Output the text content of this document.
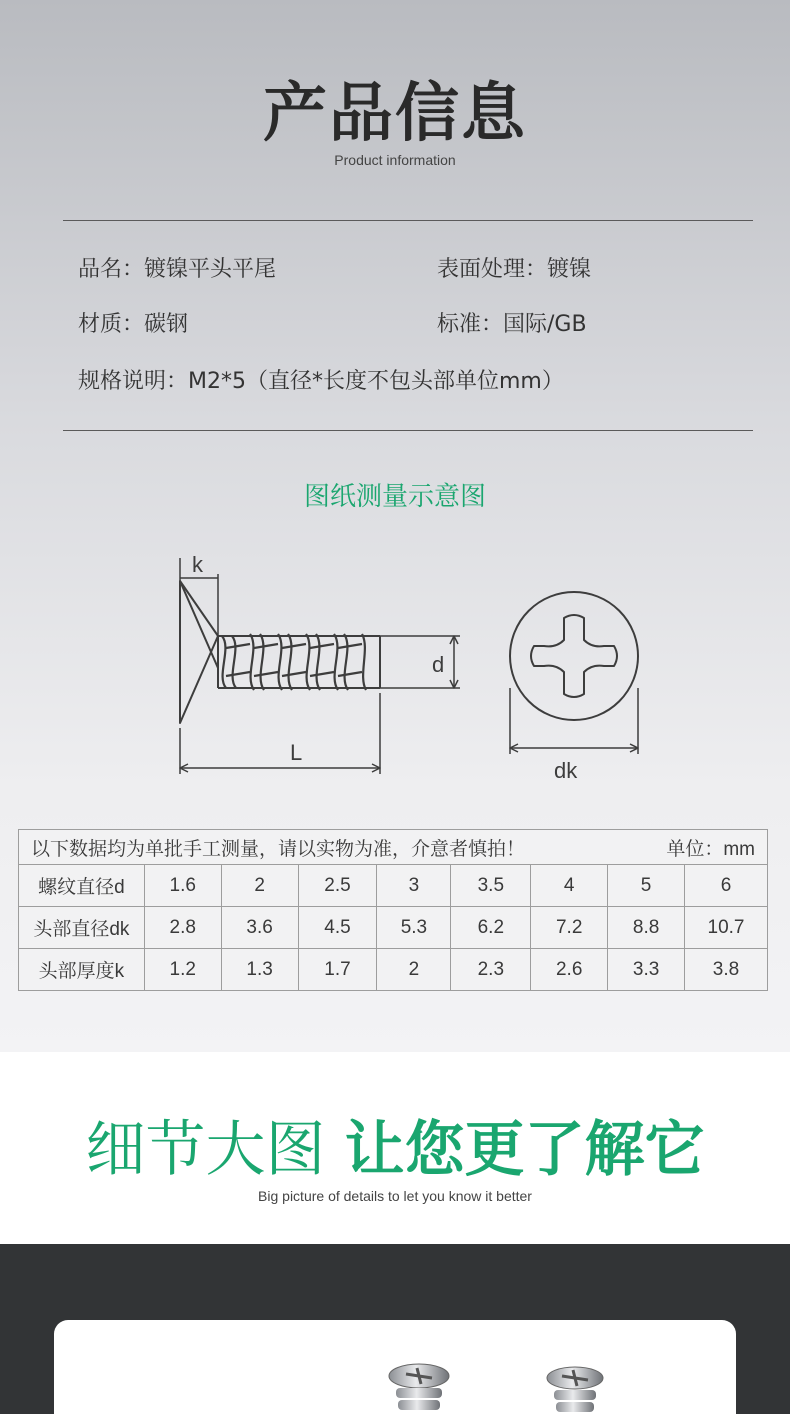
产品信息
Product information
品名：镀镍平头平尾	表面处理：镀镍
材质：碳钢	标准：国际/GB
规格说明：M2*5（直径*长度不包头部单位mm）
图纸测量示意图
k
d
L
dk
以下数据均为单批手工测量，请以实物为准，介意者慎拍！ 单位：mm								

螺纹直径d	1.6	2	2.5	3	3.5	4	5	6
头部直径dk	2.8	3.6	4.5	5.3	6.2	7.2	8.8	10.7
头部厚度k	1.2	1.3	1.7	2	2.3	2.6	3.3	3.8
细节大图 让您更了解它
Big picture of details to let you know it better
